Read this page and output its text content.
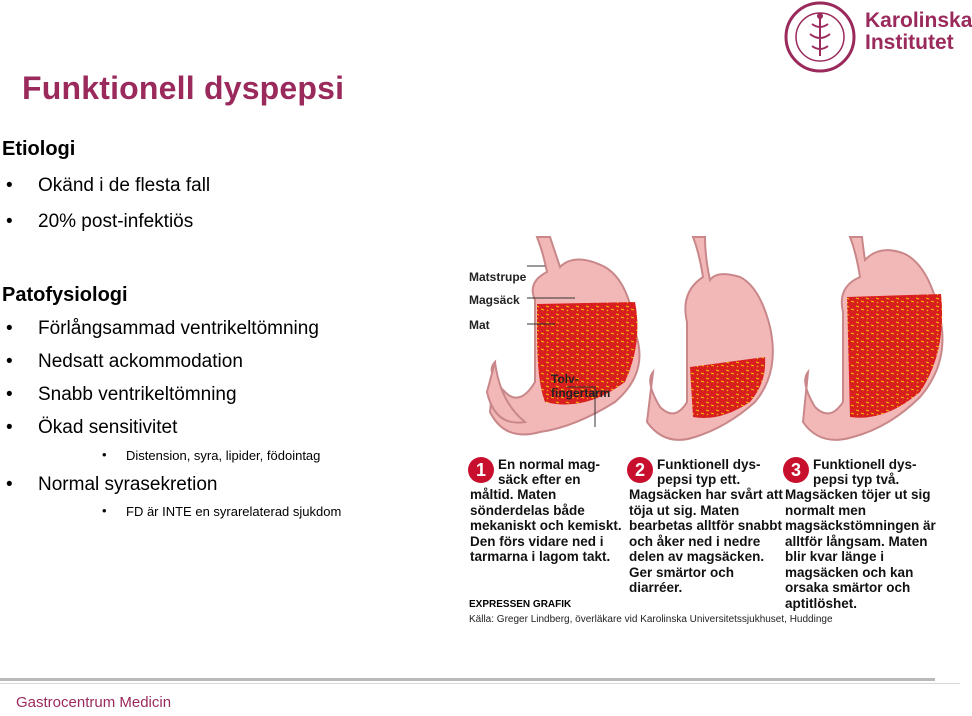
Funktionell dyspepsi
Karolinska
Institutet
Etiologi
• Okänd i de flesta fall
• 20% post-infektiös
Patofysiologi
• Förlångsammad ventrikeltömning
• Nedsatt ackommodation
• Snabb ventrikeltömning
• Ökad sensitivitet
• Distension, syra, lipider, födointag
• Normal syrasekretion
• FD är INTE en syrarelaterad sjukdom
Matstrupe
Magsäck
Mat
Tolv-
fingertarm
1 En normal mag-säck efter en
måltid. Maten sönderdelas både mekaniskt och kemiskt. Den förs vidare ned i tarmarna i lagom takt.
2 Funktionell dys-pepsi typ ett.
Magsäcken har svårt att töja ut sig. Maten bearbetas alltför snabbt och åker ned i nedre delen av magsäcken. Ger smärtor och diarréer.
3 Funktionell dys-pepsi typ två.
Magsäcken töjer ut sig normalt men magsäckstömningen är alltför långsam. Maten blir kvar länge i magsäcken och kan orsaka smärtor och aptitlöshet.
EXPRESSEN GRAFIK
Källa: Greger Lindberg, överläkare vid Karolinska Universitetssjukhuset, Huddinge
Gastrocentrum Medicin
